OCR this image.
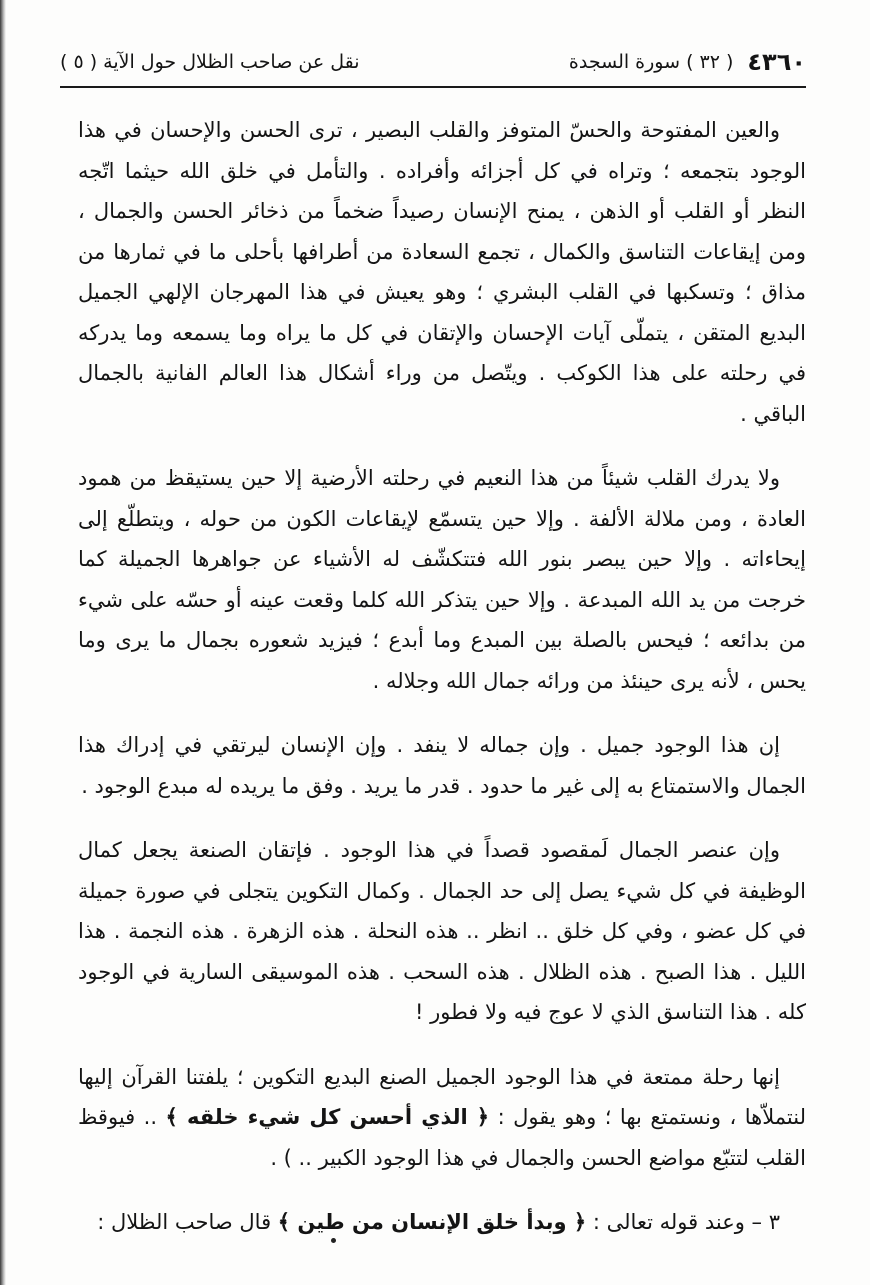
٤٣٦٠
( ٣٢ ) سورة السجدة
نقل عن صاحب الظلال حول الآية ( ٥ )

والعين المفتوحة والحسّ المتوفز والقلب البصير ، ترى الحسن والإحسان في هذا الوجود بتجمعه ؛ وتراه في كل أجزائه وأفراده . والتأمل في خلق الله حيثما اتّجه النظر أو القلب أو الذهن ، يمنح الإنسان رصيداً ضخماً من ذخائر الحسن والجمال ، ومن إيقاعات التناسق والكمال ، تجمع السعادة من أطرافها بأحلى ما في ثمارها من مذاق ؛ وتسكبها في القلب البشري ؛ وهو يعيش في هذا المهرجان الإلهي الجميل البديع المتقن ، يتملّى آيات الإحسان والإتقان في كل ما يراه وما يسمعه وما يدركه في رحلته على هذا الكوكب . ويتّصل من وراء أشكال هذا العالم الفانية بالجمال الباقي .

ولا يدرك القلب شيئاً من هذا النعيم في رحلته الأرضية إلا حين يستيقظ من همود العادة ، ومن ملالة الألفة . وإلا حين يتسمّع لإيقاعات الكون من حوله ، ويتطلّع إلى إيحاءاته . وإلا حين يبصر بنور الله فتتكشّف له الأشياء عن جواهرها الجميلة كما خرجت من يد الله المبدعة . وإلا حين يتذكر الله كلما وقعت عينه أو حسّه على شيء من بدائعه ؛ فيحس بالصلة بين المبدع وما أبدع ؛ فيزيد شعوره بجمال ما يرى وما يحس ، لأنه يرى حينئذ من ورائه جمال الله وجلاله .

إن هذا الوجود جميل . وإن جماله لا ينفد . وإن الإنسان ليرتقي في إدراك هذا الجمال والاستمتاع به إلى غير ما حدود . قدر ما يريد . وفق ما يريده له مبدع الوجود .

وإن عنصر الجمال لَمقصود قصداً في هذا الوجود . فإتقان الصنعة يجعل كمال الوظيفة في كل شيء يصل إلى حد الجمال . وكمال التكوين يتجلى في صورة جميلة في كل عضو ، وفي كل خلق .. انظر .. هذه النحلة . هذه الزهرة . هذه النجمة . هذا الليل . هذا الصبح . هذه الظلال . هذه السحب . هذه الموسيقى السارية في الوجود كله . هذا التناسق الذي لا عوج فيه ولا فطور !

إنها رحلة ممتعة في هذا الوجود الجميل الصنع البديع التكوين ؛ يلفتنا القرآن إليها لنتملاّها ، ونستمتع بها ؛ وهو يقول : ﴿ الذي أحسن كل شيء خلقه ﴾ .. فيوقظ القلب لتتبّع مواضع الحسن والجمال في هذا الوجود الكبير .. ) .

٣ – وعند قوله تعالى : ﴿ وبدأ خلق الإنسان من طين ﴾ قال صاحب الظلال :
